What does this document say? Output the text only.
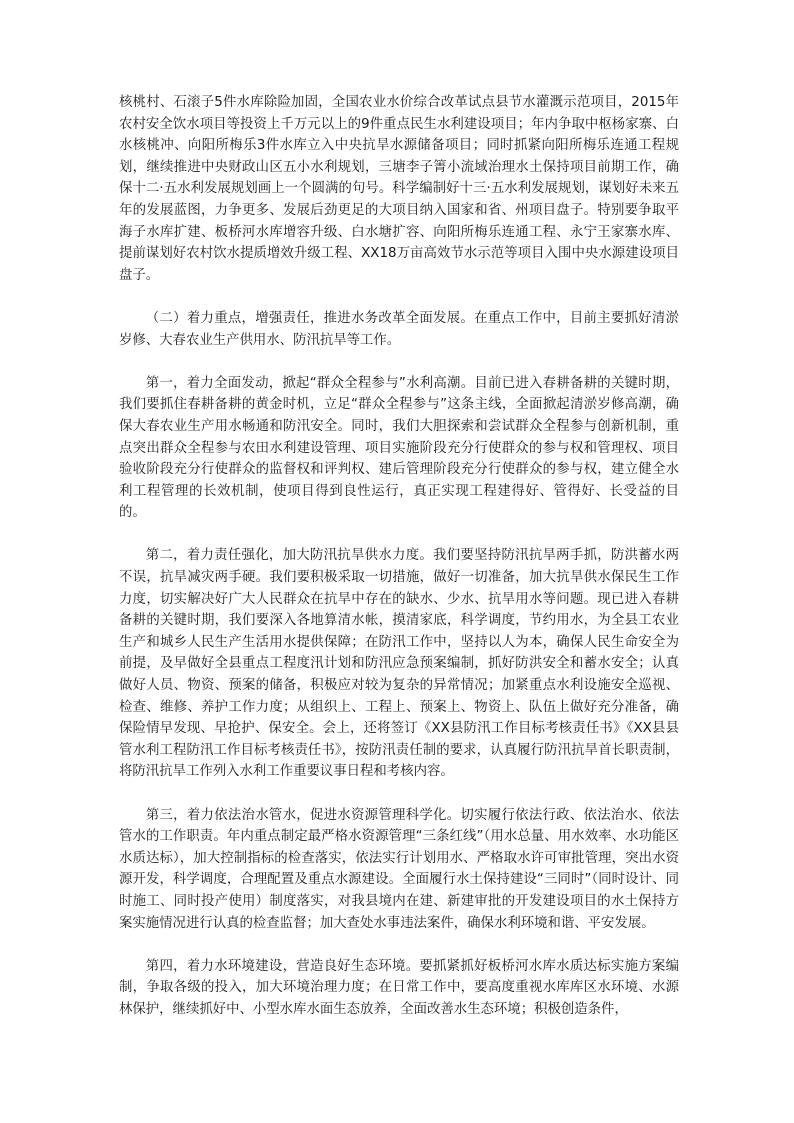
核桃村、石滚子5件水库除险加固，全国农业水价综合改革试点县节水灌溉示范项目，2015年农村安全饮水项目等投资上千万元以上的9件重点民生水利建设项目；年内争取中枢杨家寨、白水核桃冲、向阳所梅乐3件水库立入中央抗旱水源储备项目；同时抓紧向阳所梅乐连通工程规划，继续推进中央财政山区五小水利规划，三塘李子箐小流域治理水土保持项目前期工作，确保十二·五水利发展规划画上一个圆满的句号。科学编制好十三·五水利发展规划，谋划好未来五年的发展蓝图，力争更多、发展后劲更足的大项目纳入国家和省、州项目盘子。特别要争取平海子水库扩建、板桥河水库增容升级、白水塘扩容、向阳所梅乐连通工程、永宁王家寨水库、提前谋划好农村饮水提质增效升级工程、XX18万亩高效节水示范等项目入围中央水源建设项目盘子。

（二）着力重点，增强责任，推进水务改革全面发展。在重点工作中，目前主要抓好清淤岁修、大春农业生产供用水、防汛抗旱等工作。

第一，着力全面发动，掀起“群众全程参与”水利高潮。目前已进入春耕备耕的关键时期，我们要抓住春耕备耕的黄金时机，立足“群众全程参与”这条主线，全面掀起清淤岁修高潮，确保大春农业生产用水畅通和防汛安全。同时，我们大胆探索和尝试群众全程参与创新机制，重点突出群众全程参与农田水利建设管理、项目实施阶段充分行使群众的参与权和管理权、项目验收阶段充分行使群众的监督权和评判权、建后管理阶段充分行使群众的参与权，建立健全水利工程管理的长效机制，使项目得到良性运行，真正实现工程建得好、管得好、长受益的目的。

第二，着力责任强化，加大防汛抗旱供水力度。我们要坚持防汛抗旱两手抓，防洪蓄水两不误，抗旱减灾两手硬。我们要积极采取一切措施，做好一切准备，加大抗旱供水保民生工作力度，切实解决好广大人民群众在抗旱中存在的缺水、少水、抗旱用水等问题。现已进入春耕备耕的关键时期，我们要深入各地算清水帐，摸清家底，科学调度，节约用水，为全县工农业生产和城乡人民生产生活用水提供保障；在防汛工作中，坚持以人为本，确保人民生命安全为前提，及早做好全县重点工程度汛计划和防汛应急预案编制，抓好防洪安全和蓄水安全；认真做好人员、物资、预案的储备，积极应对较为复杂的异常情况；加紧重点水利设施安全巡视、检查、维修、养护工作力度；从组织上、工程上、预案上、物资上、队伍上做好充分准备，确保险情早发现、早抢护、保安全。会上，还将签订《XX县防汛工作目标考核责任书》《XX县县管水利工程防汛工作目标考核责任书》，按防汛责任制的要求，认真履行防汛抗旱首长职责制，将防汛抗旱工作列入水利工作重要议事日程和考核内容。

第三，着力依法治水管水，促进水资源管理科学化。切实履行依法行政、依法治水、依法管水的工作职责。年内重点制定最严格水资源管理“三条红线”（用水总量、用水效率、水功能区水质达标），加大控制指标的检查落实，依法实行计划用水、严格取水许可审批管理，突出水资源开发，科学调度，合理配置及重点水源建设。全面履行水土保持建设“三同时”（同时设计、同时施工、同时投产使用）制度落实，对我县境内在建、新建审批的开发建设项目的水土保持方案实施情况进行认真的检查监督；加大查处水事违法案件，确保水利环境和谐、平安发展。

第四，着力水环境建设，营造良好生态环境。要抓紧抓好板桥河水库水质达标实施方案编制，争取各级的投入，加大环境治理力度；在日常工作中，要高度重视水库库区水环境、水源林保护，继续抓好中、小型水库水面生态放养，全面改善水生态环境；积极创造条件，
